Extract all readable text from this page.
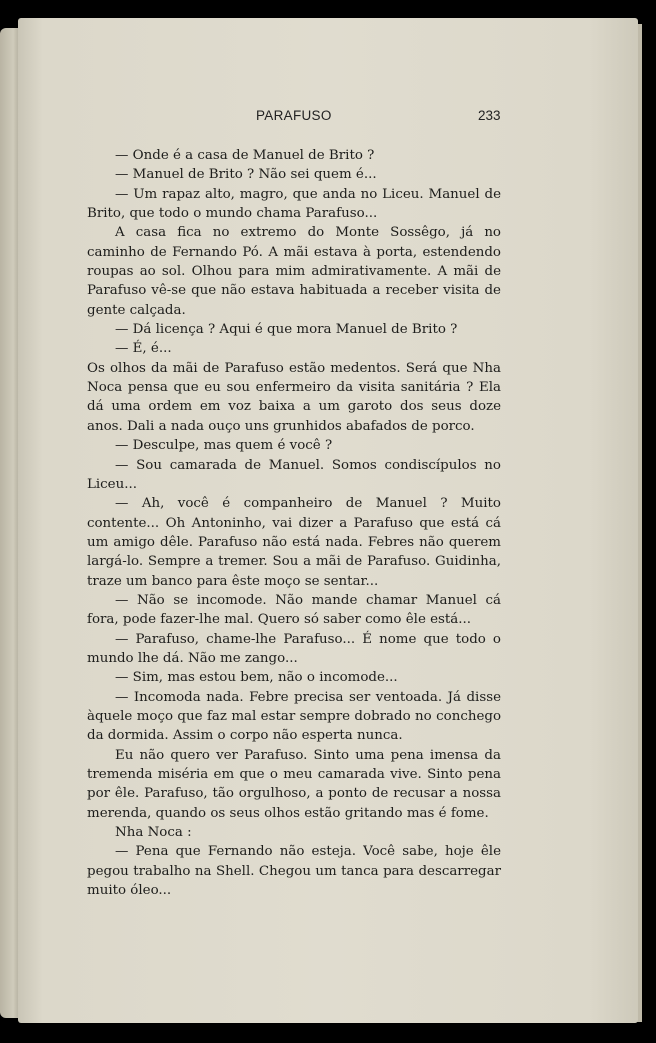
PARAFUSO	233

— Onde é a casa de Manuel de Brito ?

— Manuel de Brito ? Não sei quem é...

— Um rapaz alto, magro, que anda no Liceu. Manuel de Brito, que todo o mundo chama Parafuso...

A casa fica no extremo do Monte Sossêgo, já no caminho de Fernando Pó. A mãi estava à porta, estendendo roupas ao sol. Olhou para mim admirativamente. A mãi de Parafuso vê-se que não estava habituada a receber visita de gente calçada.

— Dá licença ? Aqui é que mora Manuel de Brito ?

— É, é...

Os olhos da mãi de Parafuso estão medentos. Será que Nha Noca pensa que eu sou enfermeiro da visita sanitária ? Ela dá uma ordem em voz baixa a um garoto dos seus doze anos. Dali a nada ouço uns grunhidos abafados de porco.

— Desculpe, mas quem é você ?

— Sou camarada de Manuel. Somos condiscípulos no Liceu...

— Ah, você é companheiro de Manuel ? Muito contente... Oh Antoninho, vai dizer a Parafuso que está cá um amigo dêle. Parafuso não está nada. Febres não querem largá-lo. Sempre a tremer. Sou a mãi de Parafuso. Guidinha, traze um banco para êste moço se sentar...

— Não se incomode. Não mande chamar Manuel cá fora, pode fazer-lhe mal. Quero só saber como êle está...

— Parafuso, chame-lhe Parafuso... É nome que todo o mundo lhe dá. Não me zango...

— Sim, mas estou bem, não o incomode...

— Incomoda nada. Febre precisa ser ventoada. Já disse àquele moço que faz mal estar sempre dobrado no conchego da dormida. Assim o corpo não esperta nunca.

Eu não quero ver Parafuso. Sinto uma pena imensa da tremenda miséria em que o meu camarada vive. Sinto pena por êle. Parafuso, tão orgulhoso, a ponto de recusar a nossa merenda, quando os seus olhos estão gritando mas é fome.

Nha Noca :

— Pena que Fernando não esteja. Você sabe, hoje êle pegou trabalho na Shell. Chegou um tanca para descarregar muito óleo...
